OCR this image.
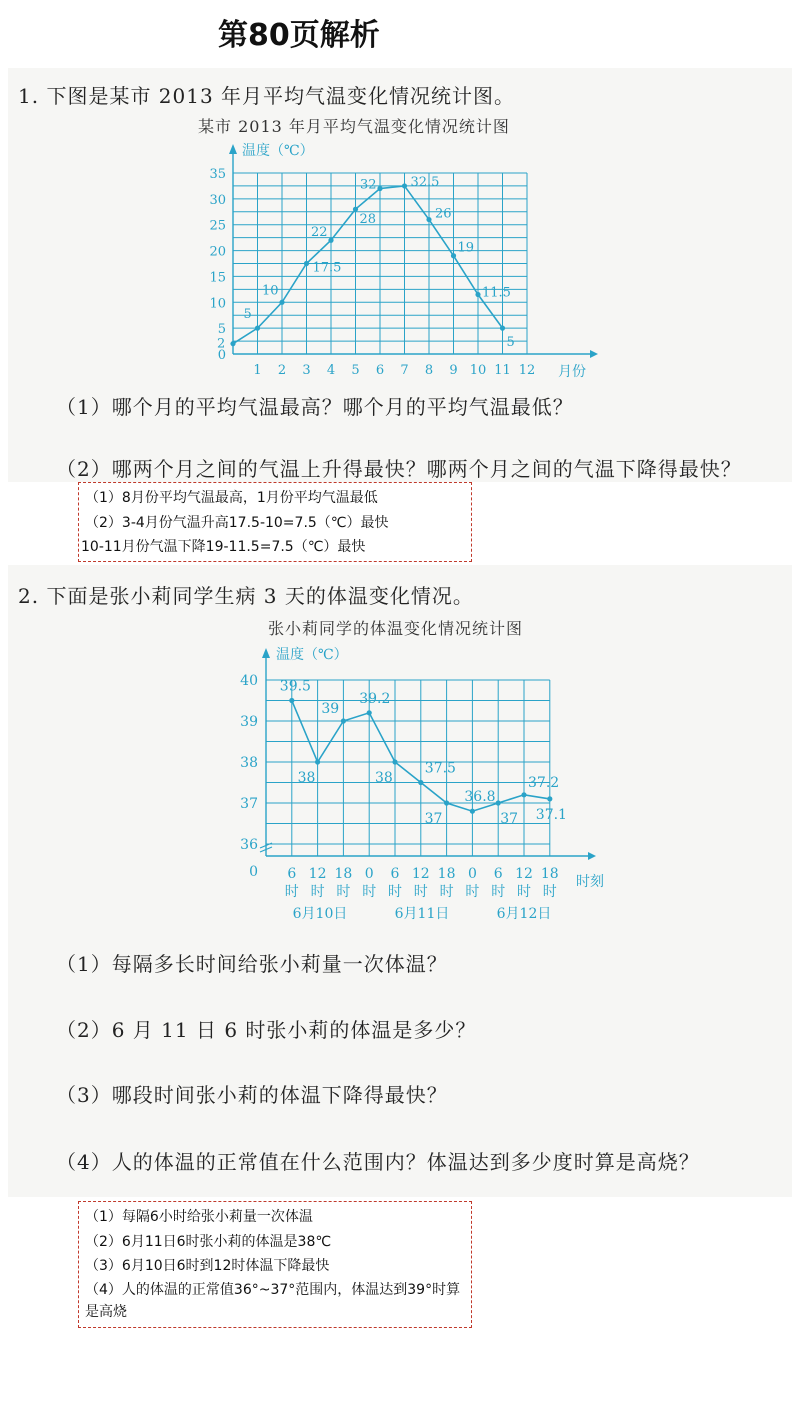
第80页解析
1. 下图是某市 2013 年月平均气温变化情况统计图。
某市 2013 年月平均气温变化情况统计图
温度（℃）
月份
0
5
10
15
20
25
30
35
1 2 3 4 5 6 7 8 9 10 11 12
2
5
10
17.5
22
28
32	32.5
26
19
11.5
5
（1）哪个月的平均气温最高？哪个月的平均气温最低？
（2）哪两个月之间的气温上升得最快？哪两个月之间的气温下降得最快？
（1）8月份平均气温最高，1月份平均气温最低
（2）3-4月份气温升高17.5-10=7.5（℃）最快
10-11月份气温下降19-11.5=7.5（℃）最快
2. 下面是张小莉同学生病 3 天的体温变化情况。
张小莉同学的体温变化情况统计图
温度（℃）
时刻
0
36
37
38
39
40
6
时
12
时
18
时
0
时
6
时
12
时
18
时
0
时
6
时
12
时
18
时
6月10日	6月11日	6月12日
39.5
38
39
39.2
38
37.5
37
36.8
37
37.2
37.1
（1）每隔多长时间给张小莉量一次体温？
（2）6 月 11 日 6 时张小莉的体温是多少？
（3）哪段时间张小莉的体温下降得最快？
（4）人的体温的正常值在什么范围内？体温达到多少度时算是高烧？
（1）每隔6小时给张小莉量一次体温
（2）6月11日6时张小莉的体温是38℃
（3）6月10日6时到12时体温下降最快
（4）人的体温的正常值36°~37°范围内，体温达到39°时算是高烧
